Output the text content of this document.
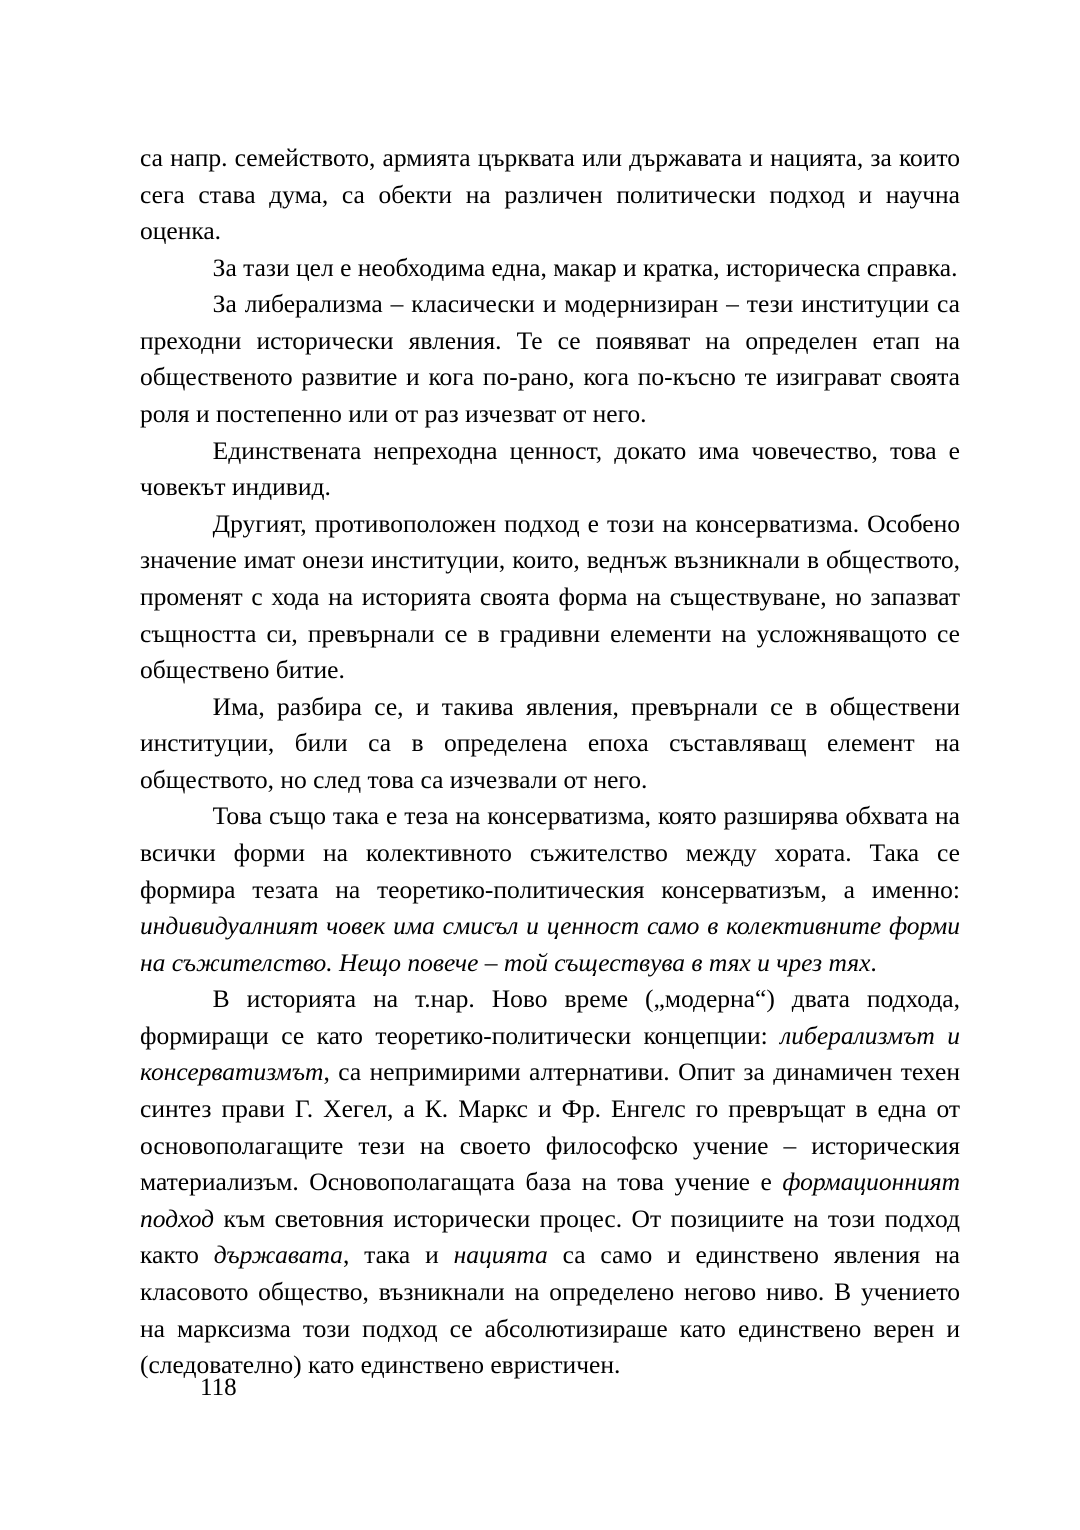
са напр. семейството, армията църквата или държавата и нацията, за които сега става дума, са обекти на различен политически подход и научна оценка.

За тази цел е необходима една, макар и кратка, историческа справка.

За либерализма – класически и модернизиран – тези институции са преходни исторически явления. Те се появяват на определен етап на общественото развитие и кога по-рано, кога по-късно те изиграват своята роля и постепенно или от раз изчезват от него.

Единствената непреходна ценност, докато има човечество, това е човекът индивид.

Другият, противоположен подход е този на консерватизма. Особено значение имат онези институции, които, веднъж възникнали в обществото, променят с хода на историята своята форма на съществуване, но запазват същността си, превърнали се в градивни елементи на усложняващото се обществено битие.

Има, разбира се, и такива явления, превърнали се в обществени институции, били са в определена епоха съставляващ елемент на обществото, но след това са изчезвали от него.

Това също така е теза на консерватизма, която разширява обхвата на всички форми на колективното съжителство между хората. Така се формира тезата на теоретико-политическия консерватизъм, а именно: индивидуалният човек има смисъл и ценност само в колективните форми на съжителство. Нещо повече – той съществува в тях и чрез тях.

В историята на т.нар. Ново време („модерна“) двата подхода, формиращи се като теоретико-политически концепции: либерализмът и консерватизмът, са непримирими алтернативи. Опит за динамичен техен синтез прави Г. Хегел, а К. Маркс и Фр. Енгелс го превръщат в една от основополагащите тези на своето философско учение – историческия материализъм. Основополагащата база на това учение е формационният подход към световния исторически процес. От позициите на този подход както държавата, така и нацията са само и единствено явления на класовото общество, възникнали на определено негово ниво. В учението на марксизма този подход се абсолютизираше като единствено верен и (следователно) като единствено евристичен.

118
